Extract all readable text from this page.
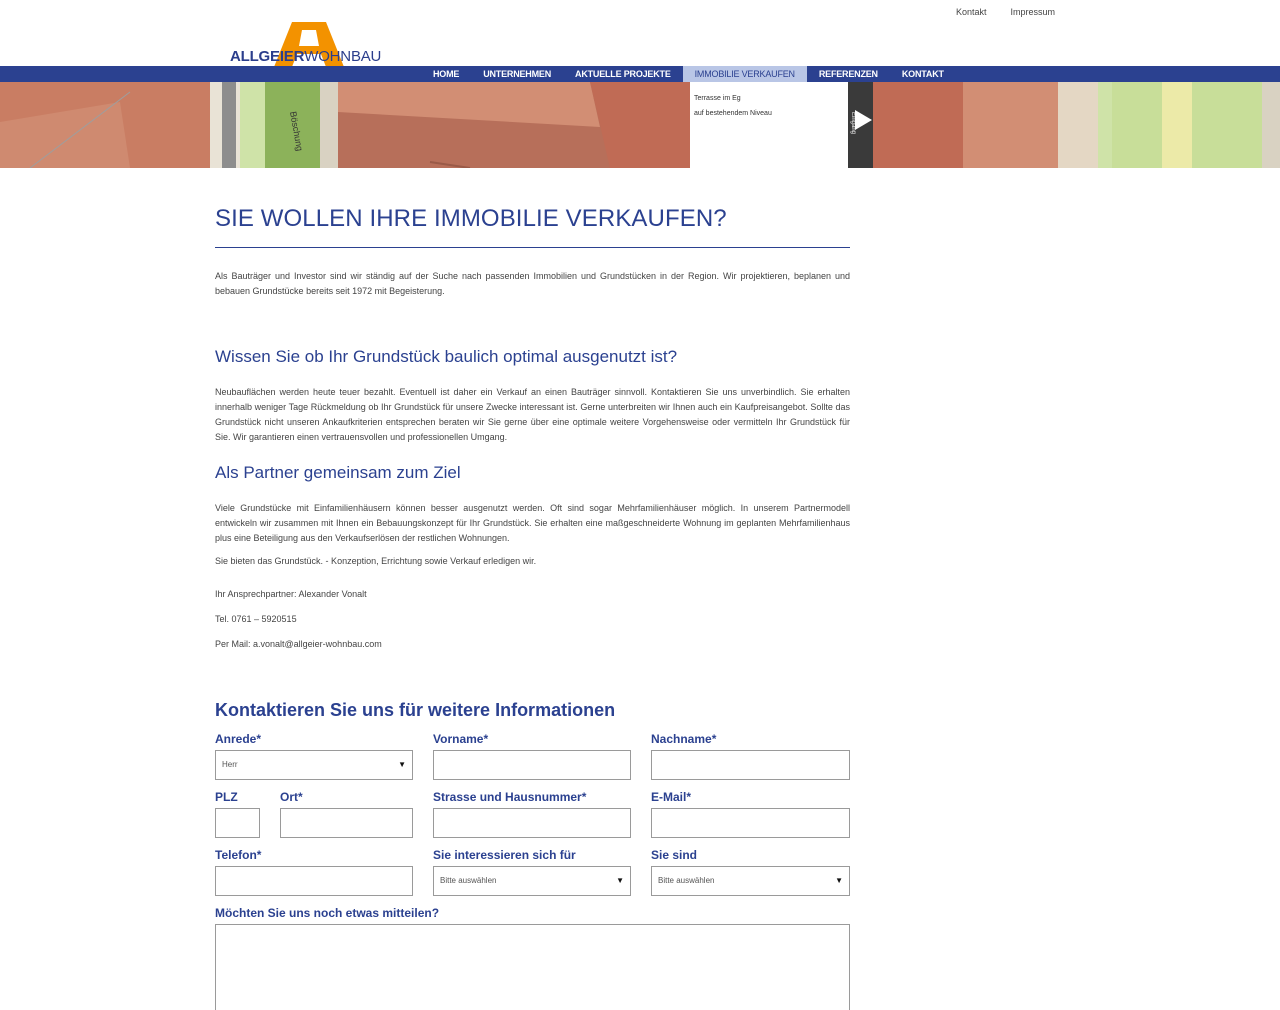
Kontakt	Impressum
ALLGEIERWOHNBAU
HOME	UNTERNEHMEN	AKTUELLE PROJEKTE	IMMOBILIE VERKAUFEN	REFERENZEN	KONTAKT
Böschung
Terrasse im Eg
auf bestehendem Niveau	Eingang
SIE WOLLEN IHRE IMMOBILIE VERKAUFEN?

Als Bauträger und Investor sind wir ständig auf der Suche nach passenden Immobilien und Grundstücken in der Region. Wir projektieren, beplanen und bebauen Grundstücke bereits seit 1972 mit Begeisterung.

Wissen Sie ob Ihr Grundstück baulich optimal ausgenutzt ist?

Neubauflächen werden heute teuer bezahlt. Eventuell ist daher ein Verkauf an einen Bauträger sinnvoll. Kontaktieren Sie uns unverbindlich. Sie erhalten innerhalb weniger Tage Rückmeldung ob Ihr Grundstück für unsere Zwecke interessant ist. Gerne unterbreiten wir Ihnen auch ein Kaufpreisangebot. Sollte das Grundstück nicht unseren Ankaufkriterien entsprechen beraten wir Sie gerne über eine optimale weitere Vorgehensweise oder vermitteln Ihr Grundstück für Sie. Wir garantieren einen vertrauensvollen und professionellen Umgang.

Als Partner gemeinsam zum Ziel

Viele Grundstücke mit Einfamilienhäusern können besser ausgenutzt werden. Oft sind sogar Mehrfamilienhäuser möglich. In unserem Partnermodell entwickeln wir zusammen mit Ihnen ein Bebauungskonzept für Ihr Grundstück. Sie erhalten eine maßgeschneiderte Wohnung im geplanten Mehrfamilienhaus plus eine Beteiligung aus den Verkaufserlösen der restlichen Wohnungen.

Sie bieten das Grundstück. - Konzeption, Errichtung sowie Verkauf erledigen wir.

Ihr Ansprechpartner: Alexander Vonalt

Tel. 0761 – 5920515

Per Mail: a.vonalt@allgeier-wohnbau.com

Kontaktieren Sie uns für weitere Informationen
Anrede*
Herr	▼
Vorname*	Nachname*
PLZ	Ort*	Strasse und Hausnummer*	E-Mail*
Telefon*	Sie interessieren sich für
Bitte auswählen	▼
Sie sind
Bitte auswählen	▼
Möchten Sie uns noch etwas mitteilen?
